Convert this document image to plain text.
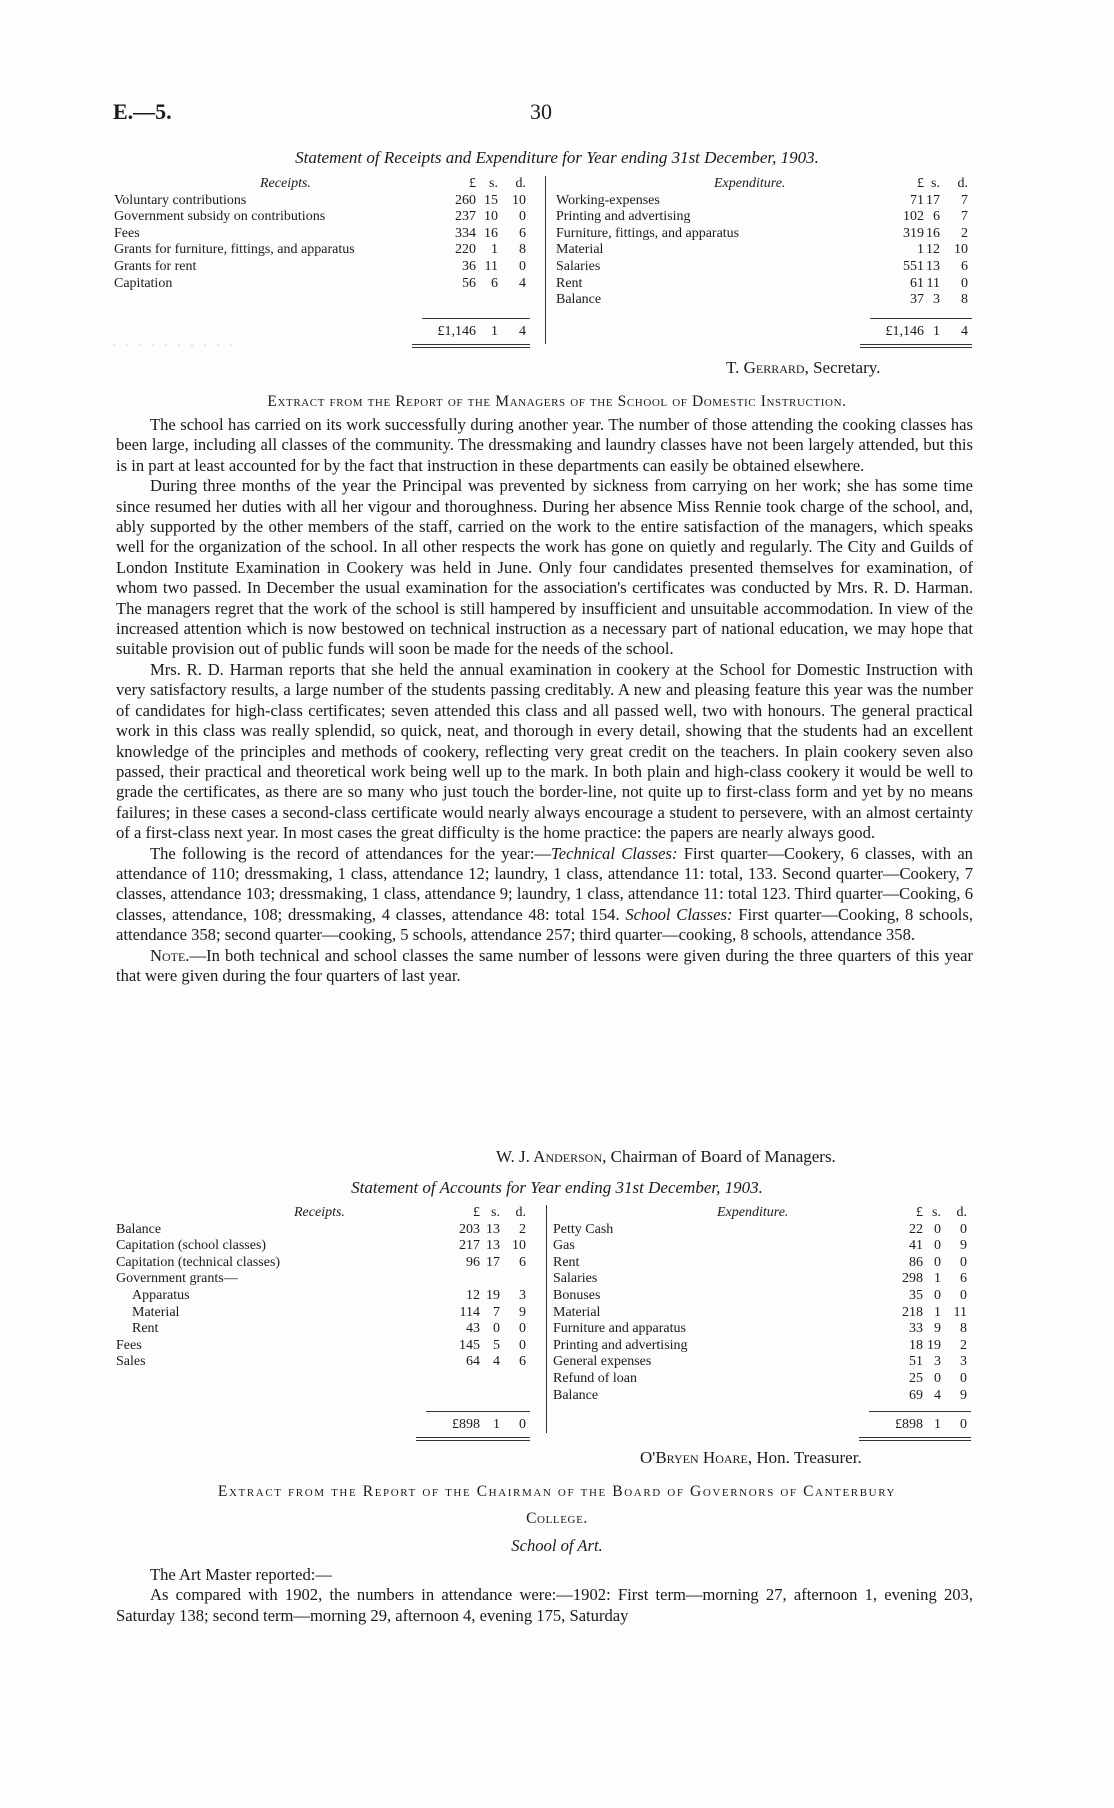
E.—5.	30
Statement of Receipts and Expenditure for Year ending 31st December, 1903.
Receipts.	£ s.	d.
Voluntary contributions	260 15 10
Government subsidy on contributions	237 10	0
Fees	334 16	6
Grants for furniture, fittings, and apparatus	220	1	8
Grants for rent	36 11	0
Capitation	56	6	4
£1,146	1	4
Expenditure.	£ s.	d.
Working-expenses	71 17	7
Printing and advertising	102 6	7
Furniture, fittings, and apparatus	319 16	2
Material	1 12 10
Salaries	551 13	6
Rent	61 11	0
Balance	37 3	8
£1,146 1	4
· · · · · · · · · ·
T. Gerrard, Secretary.
Extract from the Report of the Managers of the School of Domestic Instruction.

The school has carried on its work successfully during another year. The number of those attending the cooking classes has been large, including all classes of the community. The dressmaking and laundry classes have not been largely attended, but this is in part at least accounted for by the fact that instruction in these departments can easily be obtained elsewhere.

During three months of the year the Principal was prevented by sickness from carrying on her work; she has some time since resumed her duties with all her vigour and thoroughness. During her absence Miss Rennie took charge of the school, and, ably supported by the other members of the staff, carried on the work to the entire satisfaction of the managers, which speaks well for the organization of the school. In all other respects the work has gone on quietly and regularly. The City and Guilds of London Institute Examination in Cookery was held in June. Only four candidates presented themselves for examination, of whom two passed. In December the usual examination for the association's certificates was conducted by Mrs. R. D. Harman. The managers regret that the work of the school is still hampered by insufficient and unsuitable accommodation. In view of the increased attention which is now bestowed on technical instruction as a necessary part of national education, we may hope that suitable provision out of public funds will soon be made for the needs of the school.

Mrs. R. D. Harman reports that she held the annual examination in cookery at the School for Domestic Instruction with very satisfactory results, a large number of the students passing creditably. A new and pleasing feature this year was the number of candidates for high-class certificates; seven attended this class and all passed well, two with honours. The general practical work in this class was really splendid, so quick, neat, and thorough in every detail, showing that the students had an excellent knowledge of the principles and methods of cookery, reflecting very great credit on the teachers. In plain cookery seven also passed, their practical and theoretical work being well up to the mark. In both plain and high-class cookery it would be well to grade the certificates, as there are so many who just touch the border-line, not quite up to first-class form and yet by no means failures; in these cases a second-class certificate would nearly always encourage a student to persevere, with an almost certainty of a first-class next year. In most cases the great difficulty is the home practice: the papers are nearly always good.

The following is the record of attendances for the year:—Technical Classes: First quarter—Cookery, 6 classes, with an attendance of 110; dressmaking, 1 class, attendance 12; laundry, 1 class, attendance 11: total, 133. Second quarter—Cookery, 7 classes, attendance 103; dressmaking, 1 class, attendance 9; laundry, 1 class, attendance 11: total 123. Third quarter—Cooking, 6 classes, attendance, 108; dressmaking, 4 classes, attendance 48: total 154. School Classes: First quarter—Cooking, 8 schools, attendance 358; second quarter—cooking, 5 schools, attendance 257; third quarter—cooking, 8 schools, attendance 358.

Note.—In both technical and school classes the same number of lessons were given during the three quarters of this year that were given during the four quarters of last year.

W. J. Anderson, Chairman of Board of Managers.
Statement of Accounts for Year ending 31st December, 1903.
Receipts.	£ s.	d.
Balance	203 13	2
Capitation (school classes)	217 13 10
Capitation (technical classes)	96 17	6
Government grants—
Apparatus	12 19	3
Material	114 7	9
Rent	43 0	0
Fees	145 5	0
Sales	64 4	6
£898 1	0
Expenditure.	£ s.	d.
Petty Cash	22 0	0
Gas	41 0	9
Rent	86 0	0
Salaries	298 1	6
Bonuses	35 0	0
Material	218 1 11
Furniture and apparatus	33 9	8
Printing and advertising	18 19	2
General expenses	51 3	3
Refund of loan	25 0	0
Balance	69 4	9
£898 1	0
O'Bryen Hoare, Hon. Treasurer.
Extract from the Report of the Chairman of the Board of Governors of Canterbury
College.
School of Art.

The Art Master reported:—

As compared with 1902, the numbers in attendance were:—1902: First term—morning 27, afternoon 1, evening 203, Saturday 138; second term—morning 29, afternoon 4, evening 175, Saturday
